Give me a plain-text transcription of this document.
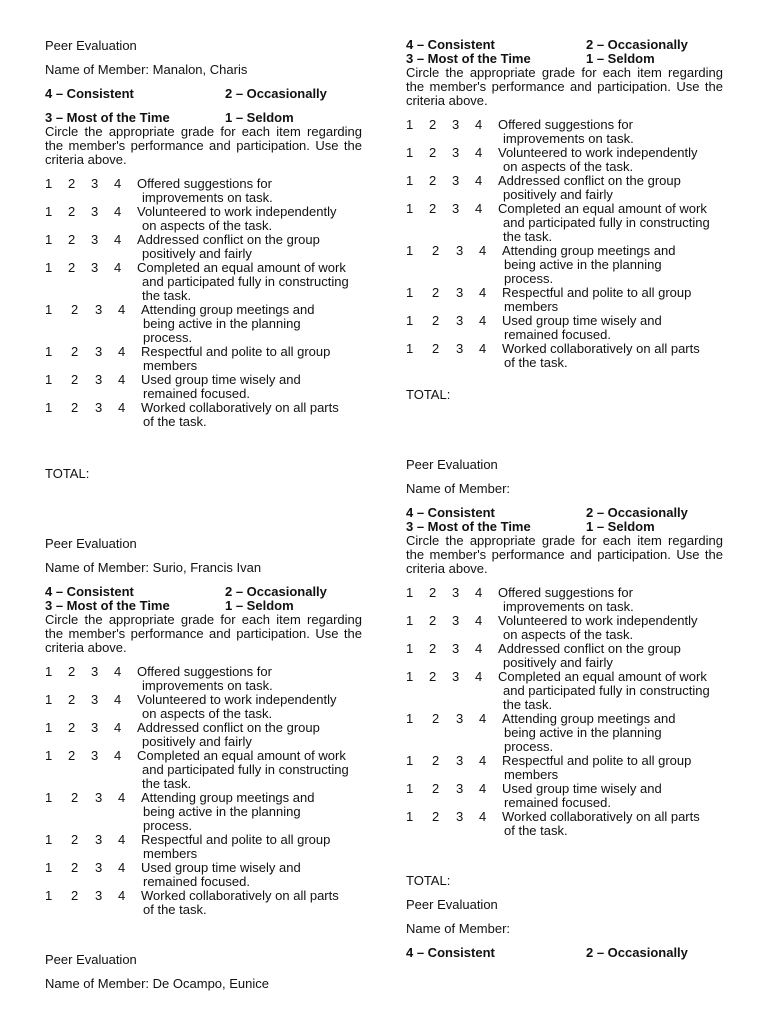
Peer Evaluation
Name of Member: Manalon, Charis
4 – Consistent	2 – Occasionally
3 – Most of the Time	1 – Seldom
Circle the appropriate grade for each item regarding the member's performance and participation. Use the criteria above.
1 2 3 4 Offered suggestions for
improvements on task.
1 2 3 4 Volunteered to work independently
on aspects of the task.
1 2 3 4 Addressed conflict on the group
positively and fairly
1 2 3 4 Completed an equal amount of work
and participated fully in constructing
the task.
1 2 3 4 Attending group meetings and
being active in the planning
process.
1 2 3 4 Respectful and polite to all group
members
1 2 3 4 Used group time wisely and
remained focused.
1 2 3 4 Worked collaboratively on all parts
of the task.
TOTAL:
Peer Evaluation
Name of Member: Surio, Francis Ivan
4 – Consistent	2 – Occasionally
3 – Most of the Time	1 – Seldom
Circle the appropriate grade for each item regarding the member's performance and participation. Use the criteria above.
1 2 3 4 Offered suggestions for
improvements on task.
1 2 3 4 Volunteered to work independently
on aspects of the task.
1 2 3 4 Addressed conflict on the group
positively and fairly
1 2 3 4 Completed an equal amount of work
and participated fully in constructing
the task.
1 2 3 4 Attending group meetings and
being active in the planning
process.
1 2 3 4 Respectful and polite to all group
members
1 2 3 4 Used group time wisely and
remained focused.
1 2 3 4 Worked collaboratively on all parts
of the task.
Peer Evaluation
Name of Member: De Ocampo, Eunice
4 – Consistent	2 – Occasionally
3 – Most of the Time	1 – Seldom
Circle the appropriate grade for each item regarding the member's performance and participation. Use the criteria above.
1 2 3 4 Offered suggestions for
improvements on task.
1 2 3 4 Volunteered to work independently
on aspects of the task.
1 2 3 4 Addressed conflict on the group
positively and fairly
1 2 3 4 Completed an equal amount of work
and participated fully in constructing
the task.
1 2 3 4 Attending group meetings and
being active in the planning
process.
1 2 3 4 Respectful and polite to all group
members
1 2 3 4 Used group time wisely and
remained focused.
1 2 3 4 Worked collaboratively on all parts
of the task.
TOTAL:
Peer Evaluation
Name of Member:
4 – Consistent	2 – Occasionally
3 – Most of the Time	1 – Seldom
Circle the appropriate grade for each item regarding the member's performance and participation. Use the criteria above.
1 2 3 4 Offered suggestions for
improvements on task.
1 2 3 4 Volunteered to work independently
on aspects of the task.
1 2 3 4 Addressed conflict on the group
positively and fairly
1 2 3 4 Completed an equal amount of work
and participated fully in constructing
the task.
1 2 3 4 Attending group meetings and
being active in the planning
process.
1 2 3 4 Respectful and polite to all group
members
1 2 3 4 Used group time wisely and
remained focused.
1 2 3 4 Worked collaboratively on all parts
of the task.
TOTAL:
Peer Evaluation
Name of Member:
4 – Consistent	2 – Occasionally
